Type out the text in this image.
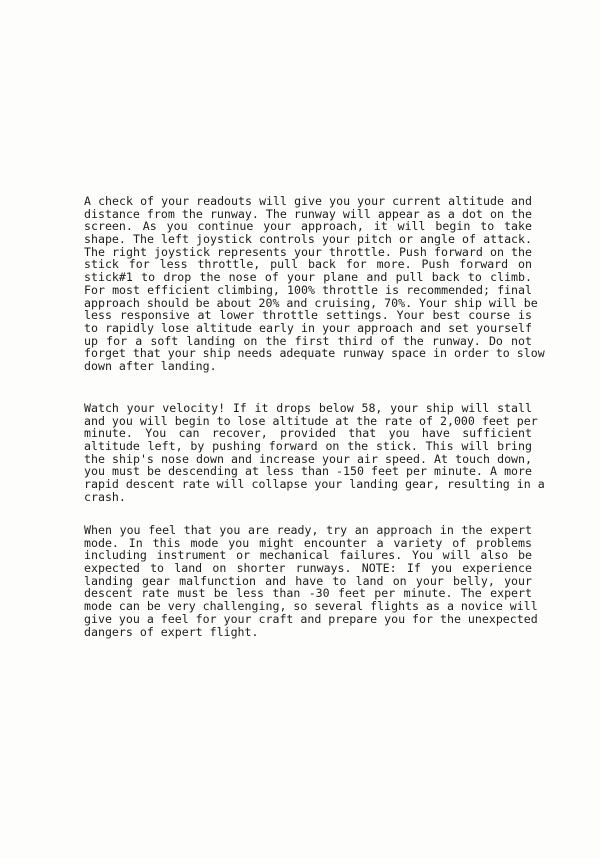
A check of your readouts will give you your current altitude and
distance from the runway. The runway will appear as a dot on the
screen. As you continue your approach, it will begin to take
shape. The left joystick controls your pitch or angle of attack.
The right joystick represents your throttle. Push forward on the
stick for less throttle, pull back for more. Push forward on
stick#1 to drop the nose of your plane and pull back to climb.
For most efficient climbing, 100% throttle is recommended; final
approach should be about 20% and cruising, 70%. Your ship will be
less responsive at lower throttle settings. Your best course is
to rapidly lose altitude early in your approach and set yourself
up for a soft landing on the first third of the runway. Do not
forget that your ship needs adequate runway space in order to slow
down after landing.
Watch your velocity! If it drops below 58, your ship will stall
and you will begin to lose altitude at the rate of 2,000 feet per
minute. You can recover, provided that you have sufficient
altitude left, by pushing forward on the stick. This will bring
the ship's nose down and increase your air speed. At touch down,
you must be descending at less than -150 feet per minute. A more
rapid descent rate will collapse your landing gear, resulting in a
crash.
When you feel that you are ready, try an approach in the expert
mode. In this mode you might encounter a variety of problems
including instrument or mechanical failures. You will also be
expected to land on shorter runways. NOTE: If you experience
landing gear malfunction and have to land on your belly, your
descent rate must be less than -30 feet per minute. The expert
mode can be very challenging, so several flights as a novice will
give you a feel for your craft and prepare you for the unexpected
dangers of expert flight.
